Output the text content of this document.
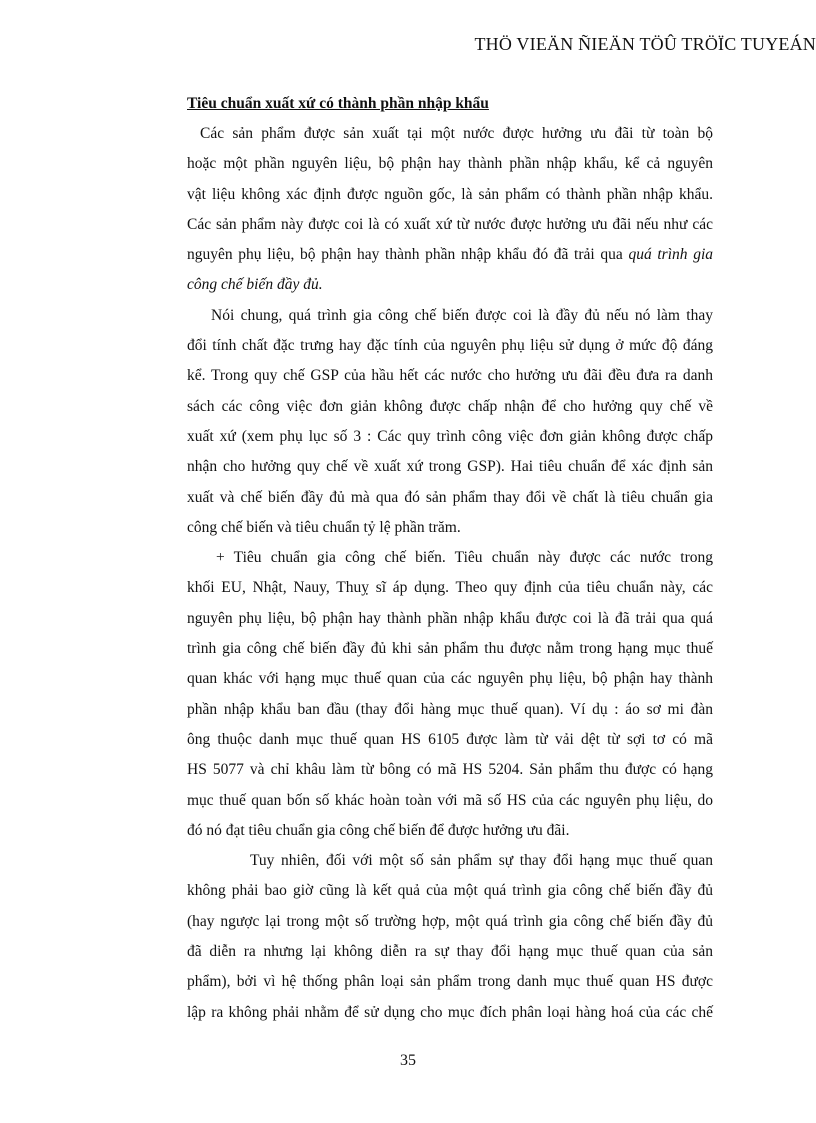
THÖ VIEÄN ÑIEÄN TÖÛ TRÖÏC TUYEÁN
Tiêu chuẩn xuất xứ có thành phần nhập khẩu
Các sản phẩm được sản xuất tại một nước được hưởng ưu đãi từ toàn bộ
hoặc một phần nguyên liệu, bộ phận hay thành phần nhập khẩu, kể cả nguyên
vật liệu không xác định được nguồn gốc, là sản phẩm có thành phần nhập khẩu.
Các sản phẩm này được coi là có xuất xứ từ nước được hưởng ưu đãi nếu như các
nguyên phụ liệu, bộ phận hay thành phần nhập khẩu đó đã trải qua quá trình gia
công chế biến đầy đủ.
Nói chung, quá trình gia công chế biến được coi là đầy đủ nếu nó làm thay
đổi tính chất đặc trưng hay đặc tính của nguyên phụ liệu sử dụng ở mức độ đáng
kể. Trong quy chế GSP của hầu hết các nước cho hưởng ưu đãi đều đưa ra danh
sách các công việc đơn giản không được chấp nhận để cho hưởng quy chế về
xuất xứ (xem phụ lục số 3 : Các quy trình công việc đơn giản không được chấp
nhận cho hưởng quy chế về xuất xứ trong GSP). Hai tiêu chuẩn để xác định sản
xuất và chế biến đầy đủ mà qua đó sản phẩm thay đổi về chất là tiêu chuẩn gia
công chế biến và tiêu chuẩn tỷ lệ phần trăm.
+ Tiêu chuẩn gia công chế biến. Tiêu chuẩn này được các nước trong
khối EU, Nhật, Nauy, Thuỵ sĩ áp dụng. Theo quy định của tiêu chuẩn này, các
nguyên phụ liệu, bộ phận hay thành phần nhập khẩu được coi là đã trải qua quá
trình gia công chế biến đầy đủ khi sản phẩm thu được nằm trong hạng mục thuế
quan khác với hạng mục thuế quan của các nguyên phụ liệu, bộ phận hay thành
phần nhập khẩu ban đầu (thay đổi hàng mục thuế quan). Ví dụ : áo sơ mi đàn
ông thuộc danh mục thuế quan HS 6105 được làm từ vải dệt từ sợi tơ có mã
HS 5077 và chỉ khâu làm từ bông có mã HS 5204. Sản phẩm thu được có hạng
mục thuế quan bốn số khác hoàn toàn với mã số HS của các nguyên phụ liệu, do
đó nó đạt tiêu chuẩn gia công chế biến để được hưởng ưu đãi.
Tuy nhiên, đối với một số sản phẩm sự thay đổi hạng mục thuế quan
không phải bao giờ cũng là kết quả của một quá trình gia công chế biến đầy đủ
(hay ngược lại trong một số trường hợp, một quá trình gia công chế biến đầy đủ
đã diễn ra nhưng lại không diễn ra sự thay đổi hạng mục thuế quan của sản
phẩm), bởi vì hệ thống phân loại sản phẩm trong danh mục thuế quan HS được
lập ra không phải nhằm để sử dụng cho mục đích phân loại hàng hoá của các chế
35
